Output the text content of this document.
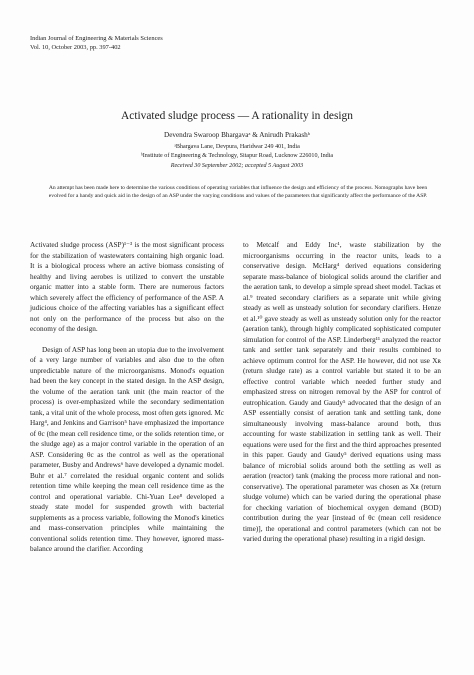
Indian Journal of Engineering & Materials Sciences
Vol. 10, October 2003, pp. 397-402
Activated sludge process — A rationality in design
Devendra Swaroop Bhargavaᵃ & Anirudh Prakashᵇ
ᵃBhargava Lane, Devpura, Haridwar 249 401, India
ᵇInstitute of Engineering & Technology, Sitapur Road, Lucknow 226010, India
Received 30 September 2002; accepted 5 August 2003
An attempt has been made here to determine the various conditions of operating variables that influence the design and efficiency of the process. Nomographs have been evolved for a handy and quick aid in the design of an ASP under the varying conditions and values of the parameters that significantly affect the performance of the ASP.

Activated sludge process (ASP)¹⁻³ is the most significant process for the stabilization of wastewaters containing high organic load. It is a biological process where an active biomass consisting of healthy and living aerobes is utilized to convert the unstable organic matter into a stable form. There are numerous factors which severely affect the efficiency of performance of the ASP. A judicious choice of the affecting variables has a significant effect not only on the performance of the process but also on the economy of the design.

Design of ASP has long been an utopia due to the involvement of a very large number of variables and also due to the often unpredictable nature of the microorganisms. Monod's equation had been the key concept in the stated design. In the ASP design, the volume of the aeration tank unit (the main reactor of the process) is over-emphasized while the secondary sedimentation tank, a vital unit of the whole process, most often gets ignored. Mc Harg⁴, and Jenkins and Garrison⁵ have emphasized the importance of θc (the mean cell residence time, or the solids retention time, or the sludge age) as a major control variable in the operation of an ASP. Considering θc as the control as well as the operational parameter, Busby and Andrews⁶ have developed a dynamic model. Buhr et al.⁷ correlated the residual organic content and solids retention time while keeping the mean cell residence time as the control and operational variable. Chi-Yuan Lee⁸ developed a steady state model for suspended growth with bacterial supplements as a process variable, following the Monod's kinetics and mass-conservation principles while maintaining the conventional solids retention time. They however, ignored mass-balance around the clarifier. According

to Metcalf and Eddy Inc¹, waste stabilization by the microorganisms occurring in the reactor units, leads to a conservative design. McHarg⁴ derived equations considering separate mass-balance of biological solids around the clarifier and the aeration tank, to develop a simple spread sheet model. Tackas et al.⁹ treated secondary clarifiers as a separate unit while giving steady as well as unsteady solution for secondary clarifiers. Henze et al.¹⁰ gave steady as well as unsteady solution only for the reactor (aeration tank), through highly complicated sophisticated computer simulation for control of the ASP. Linderberg¹¹ analyzed the reactor tank and settler tank separately and their results combined to achieve optimum control for the ASP. He however, did not use Xʀ (return sludge rate) as a control variable but stated it to be an effective control variable which needed further study and emphasized stress on nitrogen removal by the ASP for control of eutrophication. Gaudy and Gaudy⁵ advocated that the design of an ASP essentially consist of aeration tank and settling tank, done simultaneously involving mass-balance around both, thus accounting for waste stabilization in settling tank as well. Their equations were used for the first and the third approaches presented in this paper. Gaudy and Gaudy⁵ derived equations using mass balance of microbial solids around both the settling as well as aeration (reactor) tank (making the process more rational and non-conservative). The operational parameter was chosen as Xʀ (return sludge volume) which can be varied during the operational phase for checking variation of biochemical oxygen demand (BOD) contribution during the year [instead of θc (mean cell residence time)], the operational and control parameters (which can not be varied during the operational phase) resulting in a rigid design.
